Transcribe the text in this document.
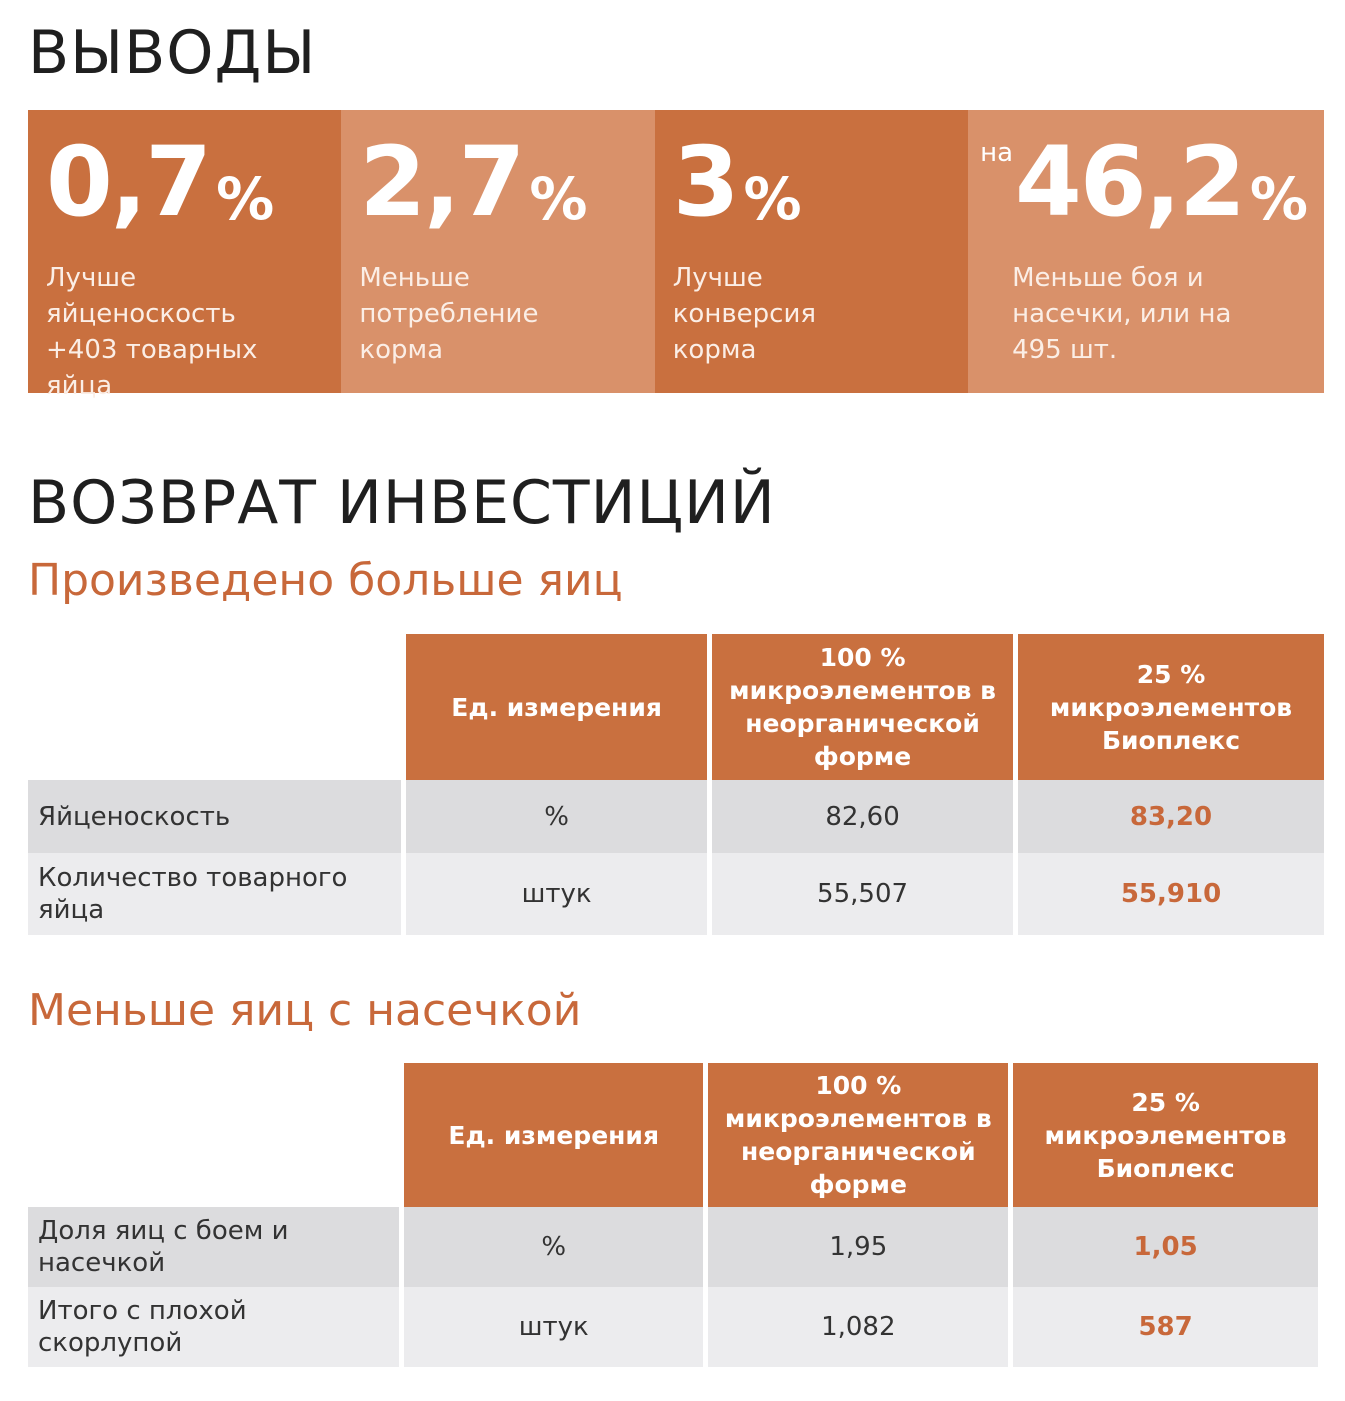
ВЫВОДЫ
0,7 %
Лучше
яйценоскость
+403 товарных яйца
2,7 %
Меньше
потребление
корма
3 %
Лучше
конверсия
корма
на 46,2 %
Меньше боя и
насечки, или на
495 шт.
ВОЗВРАТ ИНВЕСТИЦИЙ
Произведено больше яиц
	Ед. измерения	100 % микроэлементов в неорганической форме	25 % микроэлементов Биоплекс
Яйценоскость	%	82,60	83,20
Количество товарного яйца	штук	55,507	55,910
Меньше яиц с насечкой
	Ед. измерения	100 % микроэлементов в неорганической форме	25 % микроэлементов Биоплекс
Доля яиц с боем и насечкой	%	1,95	1,05
Итого с плохой скорлупой	штук	1,082	587
